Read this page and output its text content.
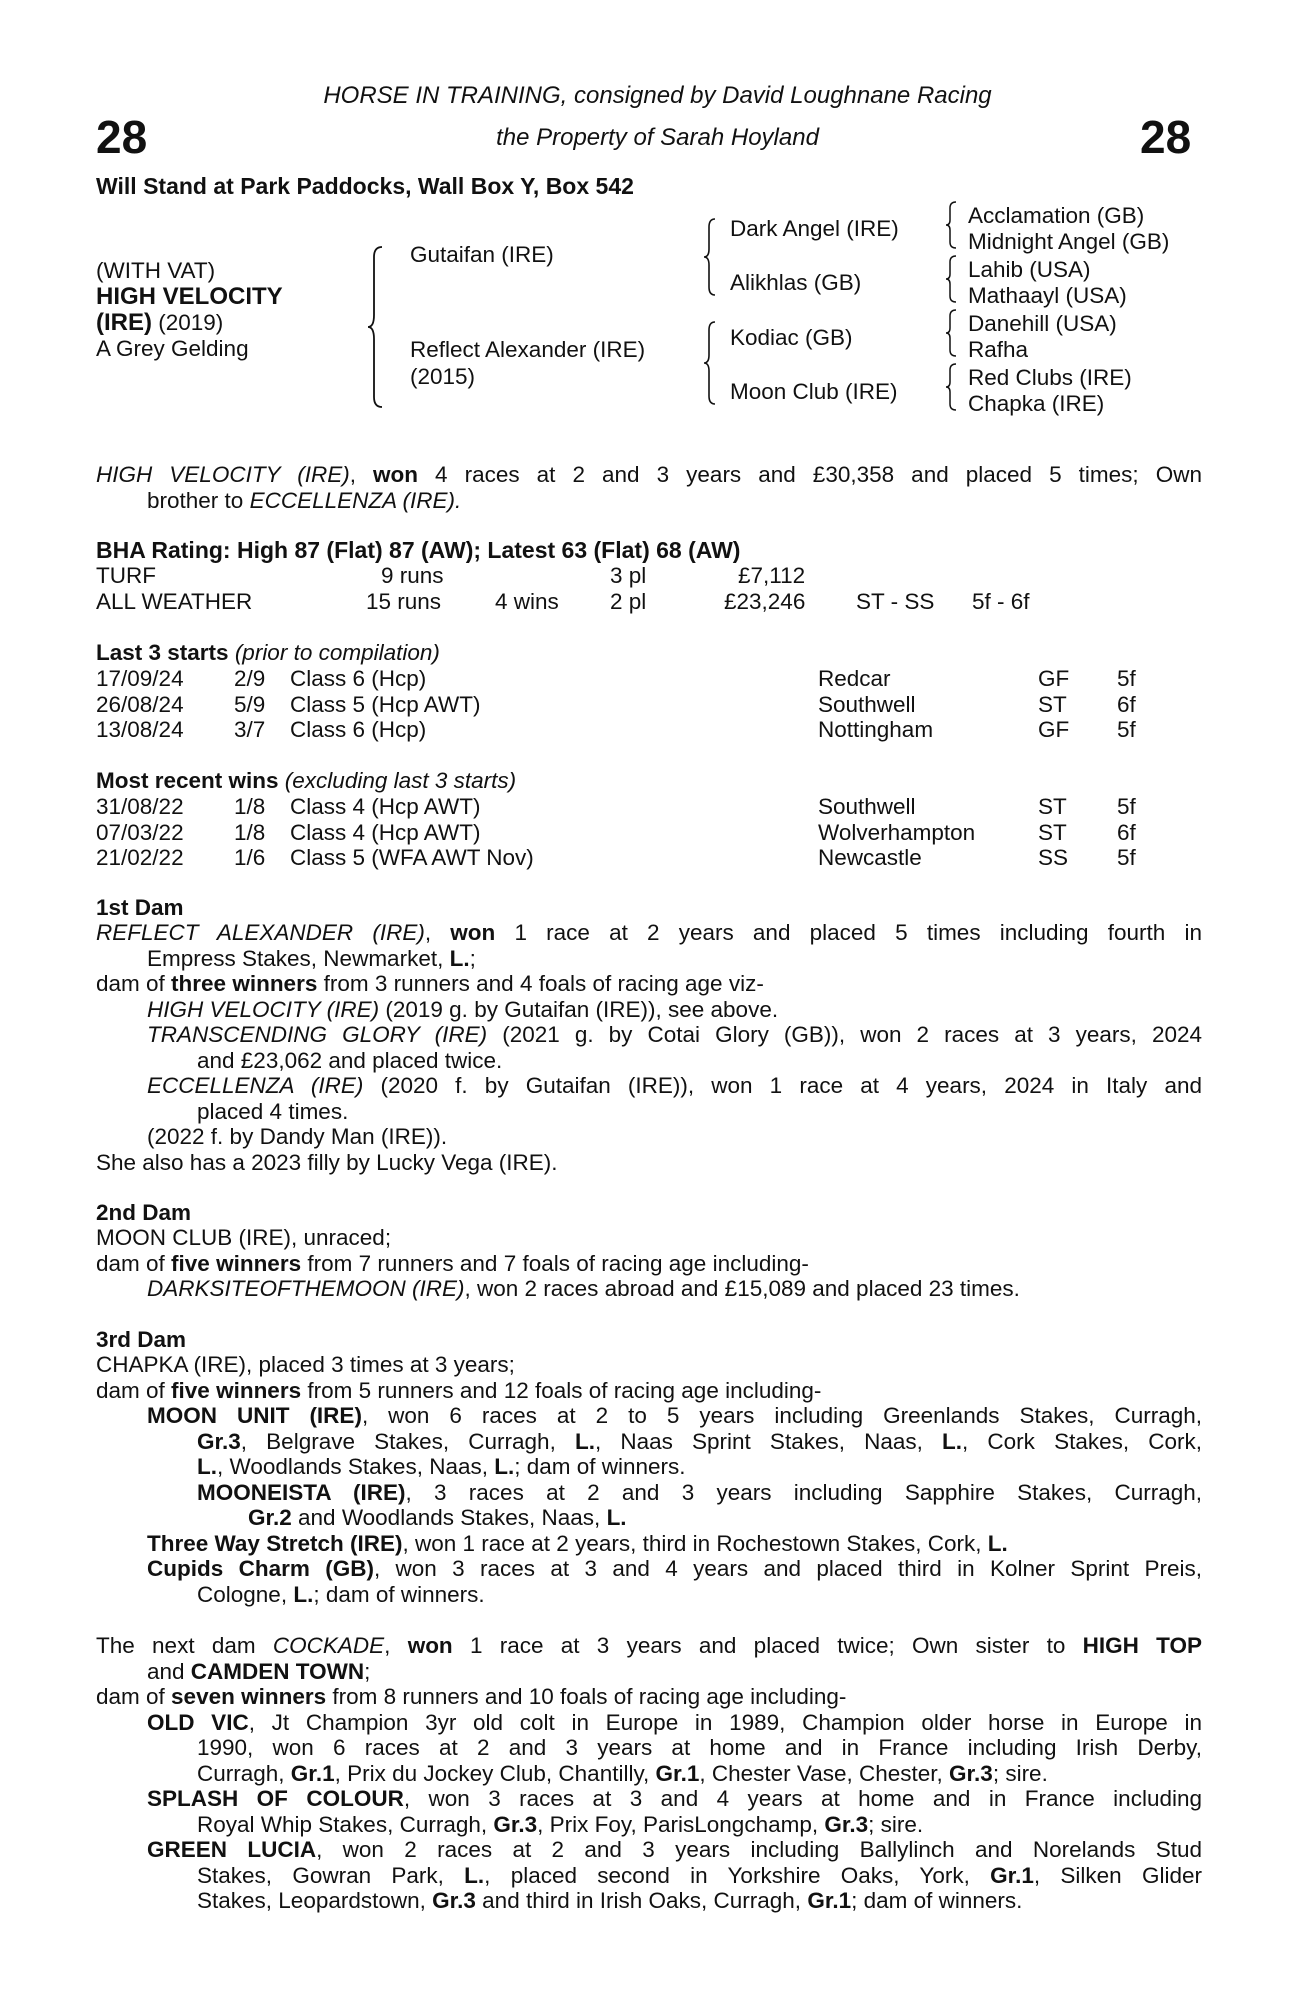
28	28
HORSE IN TRAINING, consigned by David Loughnane Racing
the Property of Sarah Hoyland
Will Stand at Park Paddocks, Wall Box Y, Box 542
(WITH VAT)
HIGH VELOCITY
(IRE) (2019)
A Grey Gelding
Gutaifan (IRE)
Reflect Alexander (IRE)
(2015)
Dark Angel (IRE)
Alikhlas (GB)
Kodiac (GB)
Moon Club (IRE)
Acclamation (GB)
Midnight Angel (GB)
Lahib (USA)
Mathaayl (USA)
Danehill (USA)
Rafha
Red Clubs (IRE)
Chapka (IRE)
HIGH VELOCITY (IRE), won 4 races at 2 and 3 years and £30,358 and placed 5 times; Own
brother to ECCELLENZA (IRE).
BHA Rating: High 87 (Flat) 87 (AW); Latest 63 (Flat) 68 (AW)
TURF	9 runs	3 pl	£7,112
ALL WEATHER	15 runs 4 wins 2 pl	£23,246 ST - SS 5f - 6f
Last 3 starts (prior to compilation)
17/09/24 2/9 Class 6 (Hcp)	Redcar	GF 5f
26/08/24 5/9 Class 5 (Hcp AWT)	Southwell	ST 6f
13/08/24 3/7 Class 6 (Hcp)	Nottingham	GF 5f
Most recent wins (excluding last 3 starts)
31/08/22 1/8 Class 4 (Hcp AWT)	Southwell	ST 5f
07/03/22 1/8 Class 4 (Hcp AWT)	Wolverhampton	ST 6f
21/02/22 1/6 Class 5 (WFA AWT Nov)	Newcastle	SS 5f
1st Dam
REFLECT ALEXANDER (IRE), won 1 race at 2 years and placed 5 times including fourth in
Empress Stakes, Newmarket, L.;
dam of three winners from 3 runners and 4 foals of racing age viz-
HIGH VELOCITY (IRE) (2019 g. by Gutaifan (IRE)), see above.
TRANSCENDING GLORY (IRE) (2021 g. by Cotai Glory (GB)), won 2 races at 3 years, 2024
and £23,062 and placed twice.
ECCELLENZA (IRE) (2020 f. by Gutaifan (IRE)), won 1 race at 4 years, 2024 in Italy and
placed 4 times.
(2022 f. by Dandy Man (IRE)).
She also has a 2023 filly by Lucky Vega (IRE).
2nd Dam
MOON CLUB (IRE), unraced;
dam of five winners from 7 runners and 7 foals of racing age including-
DARKSITEOFTHEMOON (IRE), won 2 races abroad and £15,089 and placed 23 times.
3rd Dam
CHAPKA (IRE), placed 3 times at 3 years;
dam of five winners from 5 runners and 12 foals of racing age including-
MOON UNIT (IRE), won 6 races at 2 to 5 years including Greenlands Stakes, Curragh,
Gr.3, Belgrave Stakes, Curragh, L., Naas Sprint Stakes, Naas, L., Cork Stakes, Cork,
L., Woodlands Stakes, Naas, L.; dam of winners.
MOONEISTA (IRE), 3 races at 2 and 3 years including Sapphire Stakes, Curragh,
Gr.2 and Woodlands Stakes, Naas, L.
Three Way Stretch (IRE), won 1 race at 2 years, third in Rochestown Stakes, Cork, L.
Cupids Charm (GB), won 3 races at 3 and 4 years and placed third in Kolner Sprint Preis,
Cologne, L.; dam of winners.
The next dam COCKADE, won 1 race at 3 years and placed twice; Own sister to HIGH TOP
and CAMDEN TOWN;
dam of seven winners from 8 runners and 10 foals of racing age including-
OLD VIC, Jt Champion 3yr old colt in Europe in 1989, Champion older horse in Europe in
1990, won 6 races at 2 and 3 years at home and in France including Irish Derby,
Curragh, Gr.1, Prix du Jockey Club, Chantilly, Gr.1, Chester Vase, Chester, Gr.3; sire.
SPLASH OF COLOUR, won 3 races at 3 and 4 years at home and in France including
Royal Whip Stakes, Curragh, Gr.3, Prix Foy, ParisLongchamp, Gr.3; sire.
GREEN LUCIA, won 2 races at 2 and 3 years including Ballylinch and Norelands Stud
Stakes, Gowran Park, L., placed second in Yorkshire Oaks, York, Gr.1, Silken Glider
Stakes, Leopardstown, Gr.3 and third in Irish Oaks, Curragh, Gr.1; dam of winners.
